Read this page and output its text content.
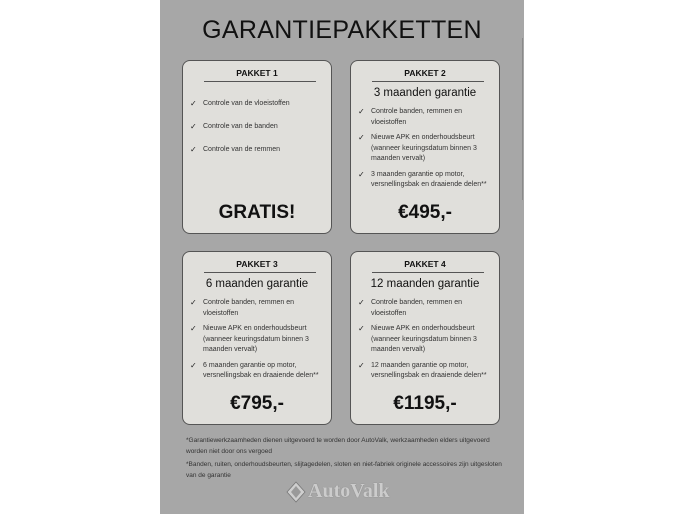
GARANTIEPAKKETTEN
PAKKET 1
✓ Controle van de vloeistoffen
✓ Controle van de banden
✓ Controle van de remmen
GRATIS!
PAKKET 2
3 maanden garantie
✓ Controle banden, remmen en vloeistoffen
✓ Nieuwe APK en onderhoudsbeurt (wanneer keuringsdatum binnen 3 maanden vervalt)
✓ 3 maanden garantie op motor, versnellingsbak en draaiende delen**
€495,-
PAKKET 3
6 maanden garantie
✓ Controle banden, remmen en vloeistoffen
✓ Nieuwe APK en onderhoudsbeurt (wanneer keuringsdatum binnen 3 maanden vervalt)
✓ 6 maanden garantie op motor, versnellingsbak en draaiende delen**
€795,-
PAKKET 4
12 maanden garantie
✓ Controle banden, remmen en vloeistoffen
✓ Nieuwe APK en onderhoudsbeurt (wanneer keuringsdatum binnen 3 maanden vervalt)
✓ 12 maanden garantie op motor, versnellingsbak en draaiende delen**
€1195,-
*Garantiewerkzaamheden dienen uitgevoerd te worden door AutoValk, werkzaamheden elders uitgevoerd worden niet door ons vergoed
*Banden, ruiten, onderhoudsbeurten, slijtagedelen, sloten en niet-fabriek originele accessoires zijn uitgesloten van de garantie
AutoValk
